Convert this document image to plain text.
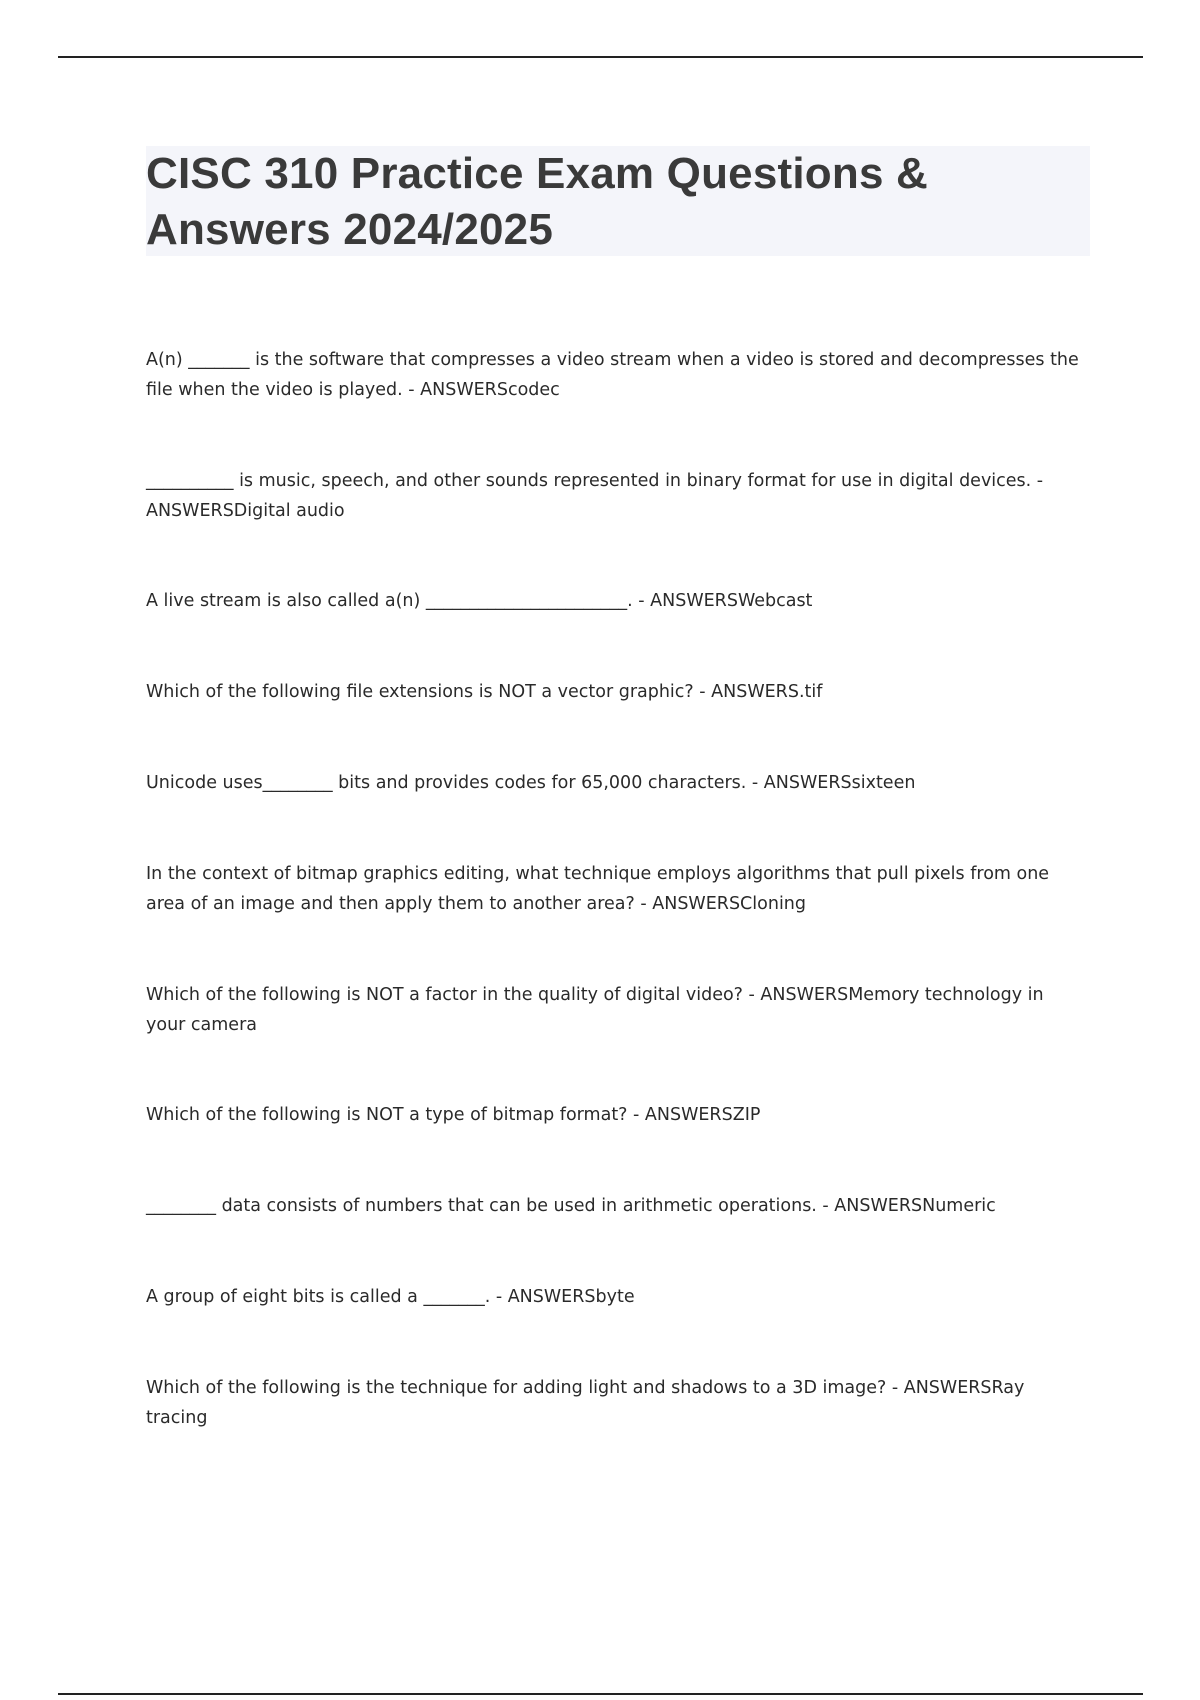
CISC 310 Practice Exam Questions &
Answers 2024/2025

A(n) _______ is the software that compresses a video stream when a video is stored and decompresses the file when the video is played. - ANSWERScodec

__________ is music, speech, and other sounds represented in binary format for use in digital devices. - ANSWERSDigital audio

A live stream is also called a(n) _______________________. - ANSWERSWebcast

Which of the following file extensions is NOT a vector graphic? - ANSWERS.tif

Unicode uses________ bits and provides codes for 65,000 characters. - ANSWERSsixteen

In the context of bitmap graphics editing, what technique employs algorithms that pull pixels from one area of an image and then apply them to another area? - ANSWERSCloning

Which of the following is NOT a factor in the quality of digital video? - ANSWERSMemory technology in your camera

Which of the following is NOT a type of bitmap format? - ANSWERSZIP

________ data consists of numbers that can be used in arithmetic operations. - ANSWERSNumeric

A group of eight bits is called a _______. - ANSWERSbyte

Which of the following is the technique for adding light and shadows to a 3D image? - ANSWERSRay tracing
